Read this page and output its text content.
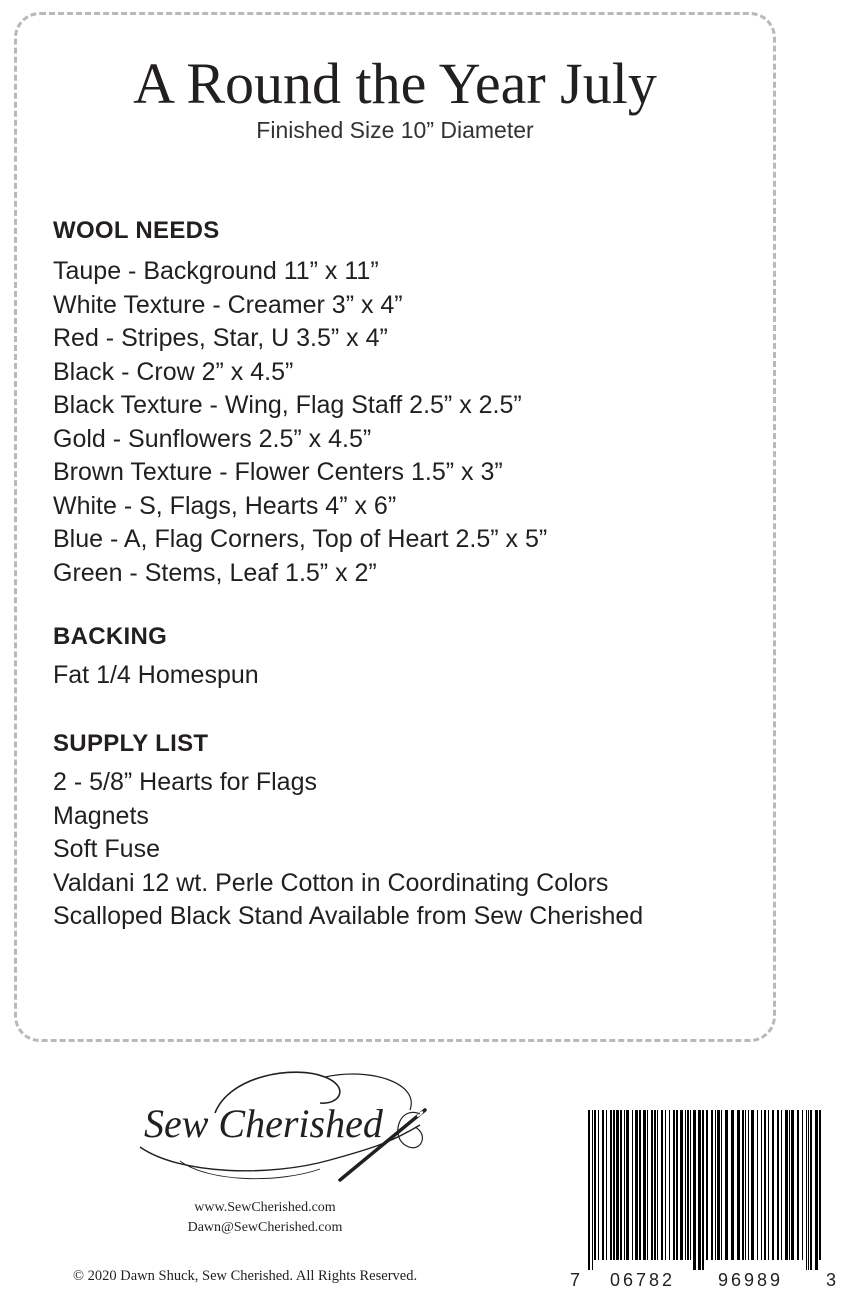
A Round the Year July
Finished Size 10” Diameter
WOOL NEEDS
Taupe - Background 11” x 11”
White Texture - Creamer 3” x 4”
Red - Stripes, Star, U 3.5” x 4”
Black - Crow 2” x 4.5”
Black Texture - Wing, Flag Staff 2.5” x 2.5”
Gold - Sunflowers 2.5” x 4.5”
Brown Texture - Flower Centers 1.5” x 3”
White - S, Flags, Hearts 4” x 6”
Blue - A, Flag Corners, Top of Heart 2.5” x 5”
Green - Stems, Leaf 1.5” x 2”
BACKING
Fat 1/4 Homespun
SUPPLY LIST
2 - 5/8” Hearts for Flags
Magnets
Soft Fuse
Valdani 12 wt. Perle Cotton in Coordinating Colors
Scalloped Black Stand Available from Sew Cherished
Sew Cherished
www.SewCherished.com
Dawn@SewCherished.com
© 2020 Dawn Shuck, Sew Cherished. All Rights Reserved.	7 06782 96989 3
